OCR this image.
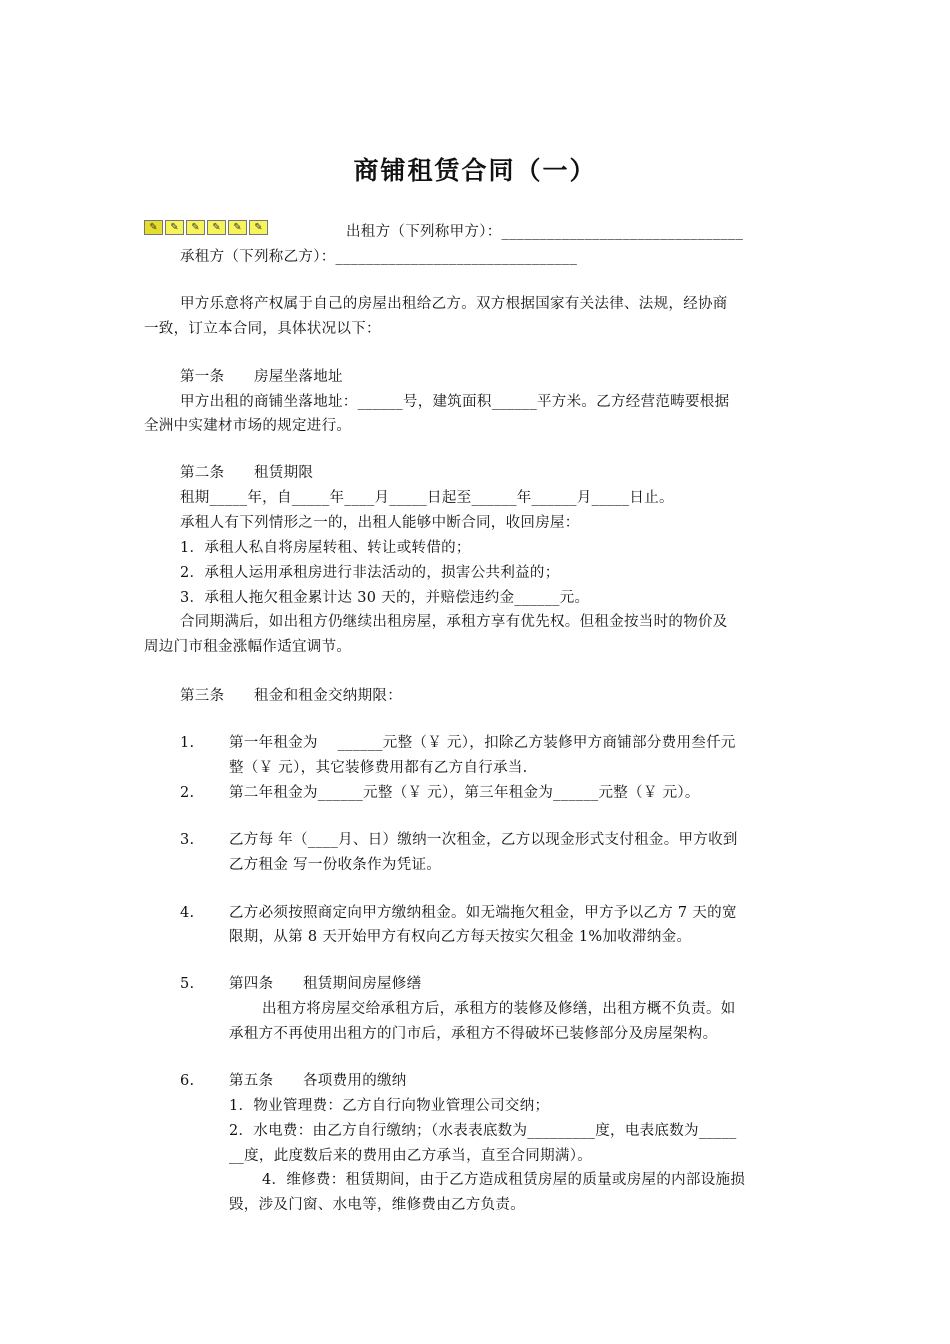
商铺租赁合同（一）
✎	✎	✎	✎	✎	✎	出租方（下列称甲方）：________________________________
承租方（下列称乙方）：________________________________
甲方乐意将产权属于自己的房屋出租给乙方。双方根据国家有关法律、法规，经协商
一致，订立本合同，具体状况以下：
第一条　　房屋坐落地址
甲方出租的商铺坐落地址：______号，建筑面积______平方米。乙方经营范畴要根据
全洲中实建材市场的规定进行。
第二条　　租赁期限
租期_____年，自_____年____月_____日起至______年______月_____日止。
承租人有下列情形之一的，出租人能够中断合同，收回房屋：
1．承租人私自将房屋转租、转让或转借的；
2．承租人运用承租房进行非法活动的，损害公共利益的；
3．承租人拖欠租金累计达 30 天的，并赔偿违约金______元。
合同期满后，如出租方仍继续出租房屋，承租方享有优先权。但租金按当时的物价及
周边门市租金涨幅作适宜调节。
第三条　　租金和租金交纳期限：
1. 第一年租金为　 ______元整（￥ 元），扣除乙方装修甲方商铺部分费用叁仟元
整（￥ 元），其它装修费用都有乙方自行承当.
2. 第二年租金为______元整（￥ 元），第三年租金为______元整（￥ 元）。
3. 乙方每 年（____月、日）缴纳一次租金，乙方以现金形式支付租金。甲方收到
乙方租金 写一份收条作为凭证。
4. 乙方必须按照商定向甲方缴纳租金。如无端拖欠租金，甲方予以乙方 7 天的宽
限期，从第 8 天开始甲方有权向乙方每天按实欠租金 1%加收滞纳金。
5. 第四条　　租赁期间房屋修缮
出租方将房屋交给承租方后，承租方的装修及修缮，出租方概不负责。如
承租方不再使用出租方的门市后，承租方不得破坏已装修部分及房屋架构。
6. 第五条　　各项费用的缴纳
1．物业管理费：乙方自行向物业管理公司交纳；
2．水电费：由乙方自行缴纳；（水表表底数为_________度，电表底数为_____
__度，此度数后来的费用由乙方承当，直至合同期满）。
4．维修费：租赁期间，由于乙方造成租赁房屋的质量或房屋的内部设施损
毁，涉及门窗、水电等，维修费由乙方负责。
